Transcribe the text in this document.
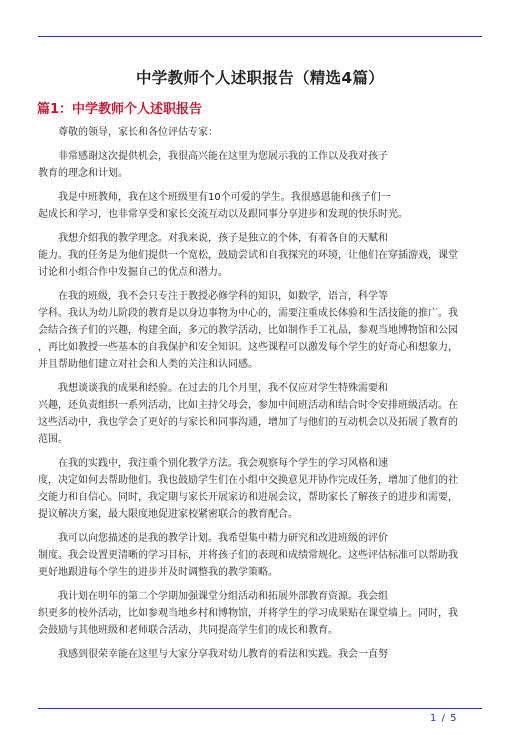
中学教师个人述职报告（精选4篇）
篇1：中学教师个人述职报告

尊敬的领导，家长和各位评估专家：

非常感谢这次提供机会，我很高兴能在这里为您展示我的工作以及我对孩子
教育的理念和计划。

我是中班教师，我在这个班级里有10个可爱的学生。我很感恩能和孩子们一
起成长和学习，也非常享受和家长交流互动以及跟同事分享进步和发现的快乐时光。

我想介绍我的教学理念。对我来说，孩子是独立的个体，有着各自的天赋和
能力。我的任务是为他们提供一个宽松，鼓励尝试和自我探究的环境，让他们在穿插游戏，课堂
讨论和小组合作中发掘自己的优点和潜力。

在我的班级，我不会只专注于教授必修学科的知识，如数学，语言，科学等
学科。我认为幼儿阶段的教育是以身边事物为中心的，需要注重成长体验和生活技能的推广。我
会结合孩子们的兴趣，构建全面，多元的教学活动，比如制作手工礼品，参观当地博物馆和公园
，再比如教授一些基本的自我保护和安全知识。这些课程可以激发每个学生的好奇心和想象力，
并且帮助他们建立对社会和人类的关注和认同感。

我想谈谈我的成果和经验。在过去的几个月里，我不仅应对学生特殊需要和
兴趣，还负责组织一系列活动，比如主持父母会，参加中间班活动和结合时令安排班级活动。在
这些活动中，我也学会了更好的与家长和同事沟通，增加了与他们的互动机会以及拓展了教育的
范围。

在我的实践中，我注重个别化教学方法。我会观察每个学生的学习风格和速
度，决定如何去帮助他们。我也鼓励学生们在小组中交换意见并协作完成任务，增加了他们的社
交能力和自信心。同时，我定期与家长开展家访和进展会议，帮助家长了解孩子的进步和需要，
提议解决方案，最大限度地促进家校紧密联合的教育配合。

我可以向您描述的是我的教学计划。我希望集中精力研究和改进班级的评价
制度。我会设置更清晰的学习目标，并将孩子们的表现和成绩常规化。这些评估标准可以帮助我
更好地跟进每个学生的进步并及时调整我的教学策略。

我计划在明年的第二个学期加强课堂分组活动和拓展外部教育资源。我会组
织更多的校外活动，比如参观当地乡村和博物馆，并将学生的学习成果贴在课堂墙上。同时，我
会鼓励与其他班级和老师联合活动，共同提高学生们的成长和教育。

我感到很荣幸能在这里与大家分享我对幼儿教育的看法和实践。我会一直努

1 / 5
